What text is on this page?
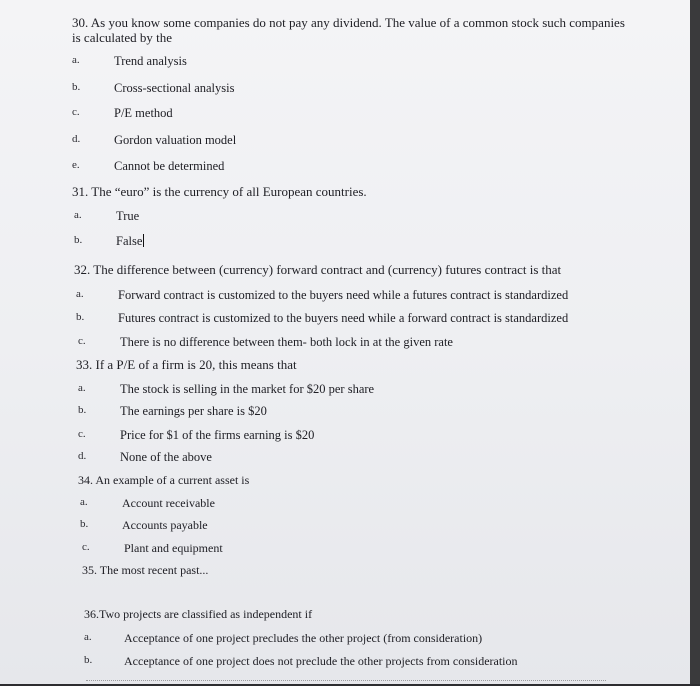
30. As you know some companies do not pay any dividend. The value of a common stock such companies is calculated by the
a.	Trend analysis
b.	Cross-sectional analysis
c.	P/E method
d.	Gordon valuation model
e.	Cannot be determined
31. The “euro” is the currency of all European countries.
a.	True
b.	False
32. The difference between (currency) forward contract and (currency) futures contract is that
a.	Forward contract is customized to the buyers need while a futures contract is standardized
b.	Futures contract is customized to the buyers need while a forward contract is standardized
c.	There is no difference between them- both lock in at the given rate
33. If a P/E of a firm is 20, this means that
a.	The stock is selling in the market for $20 per share
b.	The earnings per share is $20
c.	Price for $1 of the firms earning is $20
d.	None of the above
34. An example of a current asset is
a.	Account receivable
b.	Accounts payable
c.	Plant and equipment
35. The most recent past...
36.Two projects are classified as independent if
a.	Acceptance of one project precludes the other project (from consideration)
b.	Acceptance of one project does not preclude the other projects from consideration
